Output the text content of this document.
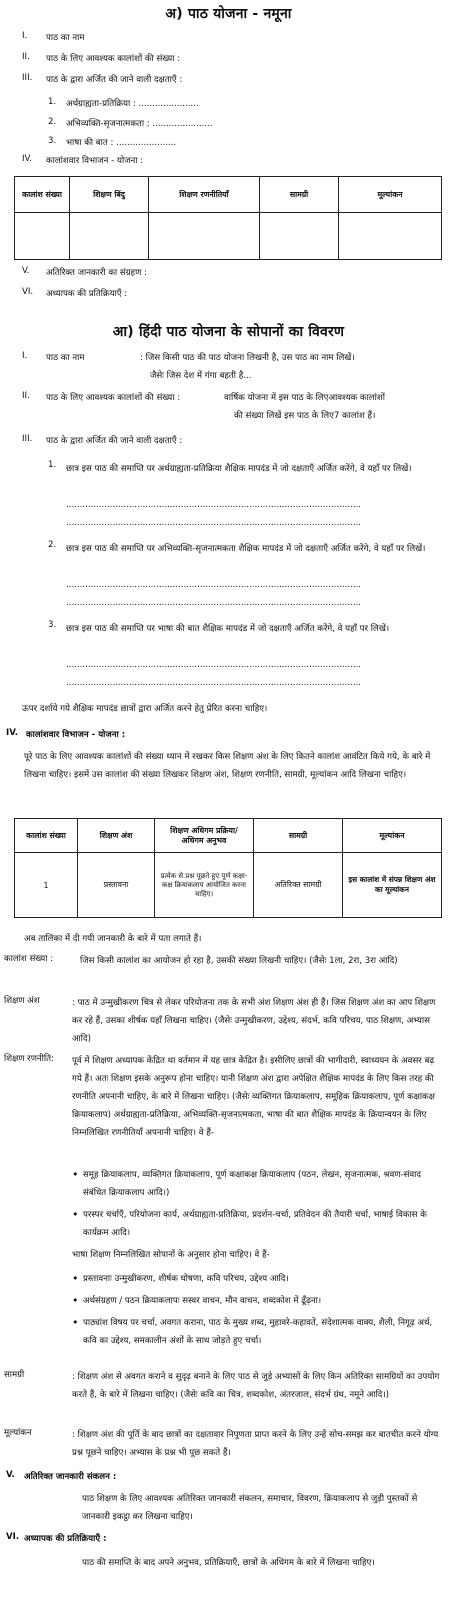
अ) पाठ योजना - नमूना
I. पाठ का नाम
II. पाठ के लिए आवश्यक कालांशों की संख्या :
III. पाठ के द्वारा अर्जित की जाने वाली दक्षताएँ :
1. अर्थग्राह्यता-प्रतिक्रिया : ......................
2. अभिव्यक्ति-सृजनात्मकता : ......................
3. भाषा की बात : ......................
IV. कालांशवार विभाजन - योजना :
कालांश संख्या	शिक्षण बिंदु	शिक्षण रणनीतियाँ	सामग्री	मूल्यांकन

V. अतिरिक्त जानकारी का संग्रहण :
VI. अध्यापक की प्रतिक्रियाएँ :
आ) हिंदी पाठ योजना के सोपानों का विवरण
I. पाठ का नाम	: जिस किसी पाठ की पाठ योजना लिखनी है, उस पाठ का नाम लिखें।
जैसेः जिस देश में गंगा बहती है...
II. पाठ के लिए आवश्यक कालांशों की संख्या :	वार्षिक योजना में इस पाठ के लिएआवश्यक कालांशों
की संख्या लिखें इस पाठ के लिए7 कालांश हैं।
III. पाठ के द्वारा अर्जित की जाने वाली दक्षताएँ :
1. छात्र इस पाठ की समाप्ति पर अर्थग्राह्यता-प्रतिक्रिया शैक्षिक मापदंड में जो दक्षताएँ अर्जित करेंगे, वे यहाँ पर लिखें।
............................................................................................................
............................................................................................................
2. छात्र इस पाठ की समाप्ति पर अभिव्यक्ति-सृजनात्मकता शैक्षिक मापदंड में जो दक्षताएँ अर्जित करेंगे, वे यहाँ पर लिखें।
............................................................................................................
............................................................................................................
3. छात्र इस पाठ की समाप्ति पर भाषा की बात शैक्षिक मापदंड में जो दक्षताएँ अर्जित करेंगे, वे यहाँ पर लिखें।
............................................................................................................
............................................................................................................
ऊपर दर्शाये गये शैक्षिक मापदंड छात्रों द्वारा अर्जित करने हेतु प्रेरित करना चाहिए।
IV. कालांशवार विभाजन - योजना :
पूरे पाठ के लिए आवश्यक कालांशों की संख्या ध्यान में रखकर किस शिक्षण अंश के लिए कितने कालांश आवंटित किये गये, के बारे में लिखना चाहिए। इसमें उस कालांश की संख्या लिखकर शिक्षण अंश, शिक्षण रणनीति, सामग्री, मूल्यांकन आदि लिखना चाहिए।
कालांश संख्या	शिक्षण अंश	शिक्षण अधिगम प्रक्रिया/ अधिगम अनुभव	सामग्री	मूल्यांकन
1	प्रस्तावना	प्रत्येक से प्रश्न पूछते हुए पूर्ण कक्षा-कक्ष क्रियाकलाप आयोजित करना चाहिए।	अतिरिक्त सामग्री	इस कालांश में संपन्न शिक्षण अंश का मूल्यांकन
अब तालिका में दी गयी जानकारी के बारे में पता लगाते हैं।
कालांश संख्या :	जिस किसी कालांश का आयोजन हो रहा है, उसकी संख्या लिखनी चाहिए। (जैसेः 1ला, 2रा, 3रा आदि)
शिक्षण अंश	: पाठ में उन्मुखीकरण चित्र से लेकर परियोजना तक के सभी अंश शिक्षण अंश ही हैं। जिस शिक्षण अंश का आप शिक्षण कर रहे हैं, उसका शीर्षक यहाँ लिखना चाहिए। (जैसेः उन्मुखीकरण, उद्देश्य, संदर्भ, कवि परिचय, पाठ शिक्षण, अभ्यास आदि)
शिक्षण रणनीति: पूर्व में शिक्षण अध्यापक केंद्रित था वर्तमान में यह छात्र केंद्रित है। इसीलिए छात्रों की भागीदारी, स्वाध्ययन के अवसर बढ़ गये हैं। अतः शिक्षण इसके अनुरूप होना चाहिए। यानी शिक्षण अंश द्वारा अपेक्षित शैक्षिक मापदंड के लिए किस तरह की रणनीति अपनानी चाहिए, के बारे में लिखना चाहिए। (जैसेः व्यक्तिगत क्रियाकलाप, समूहिक क्रियाकलाप, पूर्ण कक्षाकक्ष क्रियाकलाप) अर्थग्राह्यता-प्रतिक्रिया, अभिव्यक्ति-सृजनात्मकता, भाषा की बात शैक्षिक मापदंड के क्रियान्वयन के लिए निम्नलिखित रणनीतियाँ अपनानी चाहिए। वे हैं-
• समूह क्रियाकलाप, व्यक्तिगत क्रियाकलाप, पूर्ण कक्षाकक्ष क्रियाकलाप (पठन, लेखन, सृजनात्मक, श्रवण-संवाद संबंधित क्रियाकलाप आदि।)
• परस्पर चर्चाएँ, परियोजना कार्य, अर्थग्राह्यता-प्रतिक्रिया, प्रदर्शन-चर्चा, प्रतिवेदन की तैयारी चर्चा, भाषाई विकास के कार्यक्रम आदि।
भाषा शिक्षण निम्नलिखित सोपानों के अनुसार होना चाहिए। वे हैं-
• प्रस्तावनाः उन्मुखीकरण, शीर्षक घोषणा, कवि परिचय, उद्देश्य आदि।
• अर्थसंग्रहण / पठन क्रियाकलापः सस्वर वाचन, मौन वाचन, शब्दकोश में ढूँढ़ना।
• पाठ्यांश विषय पर चर्चा, अवगत कराना, पाठ के मुख्य शब्द, मुहावरे-कहावतें, संदेशात्मक वाक्य, शैली, निगूढ़ अर्थ, कवि का उद्देश्य, समकालीन अंशों के साथ जोड़ते हुए चर्चा।
सामग्री	: शिक्षण अंश से अवगत कराने व सुदृढ़ बनाने के लिए पाठ से जुड़े अभ्यासों के लिए किन अतिरिक्त सामग्रियों का उपयोग करते हैं, के बारे में लिखना चाहिए। (जैसेः कवि का चित्र, शब्दकोश, अंतरजाल, संदर्भ ग्रंथ, नमूने आदि।)
मूल्यांकन	: शिक्षण अंश की पूर्ति के बाद छात्रों का दक्षतावार निपुणता प्राप्त करने के लिए उन्हें सोच-समझ कर बातचीत करने योग्य प्रश्न पूछने चाहिए। अभ्यास के प्रश्न भी पूछ सकते हैं।
V. अतिरिक्त जानकारी संकलन :
पाठ शिक्षण के लिए आवश्यक अतिरिक्त जानकारी संकलन, समाचार, विवरण, क्रियाकलाप से जुड़ी पुस्तकों से जानकारी इकट्ठा कर लिखना चाहिए।
VI. अध्यापक की प्रतिक्रियाएँ :
पाठ की समाप्ति के बाद अपने अनुभव, प्रतिक्रियाएँ, छात्रों के अधिगम के बारे में लिखना चाहिए।
